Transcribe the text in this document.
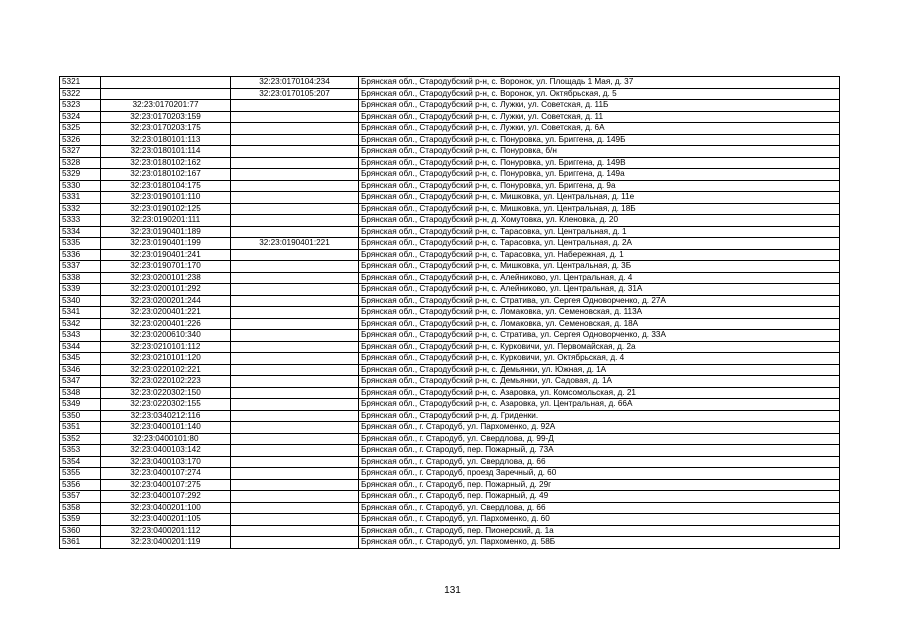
5321		32:23:0170104:234	Брянская обл., Стародубский р-н, с. Воронок, ул. Площадь 1 Мая, д. 37
5322		32:23:0170105:207	Брянская обл., Стародубский р-н, с. Воронок, ул. Октябрьская, д. 5
5323	32:23:0170201:77		Брянская обл., Стародубский р-н, с. Лужки, ул. Советская, д. 11Б
5324	32:23:0170203:159		Брянская обл., Стародубский р-н, с. Лужки, ул. Советская, д. 11
5325	32:23:0170203:175		Брянская обл., Стародубский р-н, с. Лужки, ул. Советская, д. 6А
5326	32:23:0180101:113		Брянская обл., Стародубский р-н, с. Понуровка, ул. Бриггена, д. 149Б
5327	32:23:0180101:114		Брянская обл., Стародубский р-н, с. Понуровка, б/н
5328	32:23:0180102:162		Брянская обл., Стародубский р-н, с. Понуровка, ул. Бриггена, д. 149В
5329	32:23:0180102:167		Брянская обл., Стародубский р-н, с. Понуровка, ул. Бриггена, д. 149а
5330	32:23:0180104:175		Брянская обл., Стародубский р-н, с. Понуровка, ул. Бриггена, д. 9а
5331	32:23:0190101:110		Брянская обл., Стародубский р-н, с. Мишковка, ул. Центральная, д. 11е
5332	32:23:0190102:125		Брянская обл., Стародубский р-н, с. Мишковка, ул. Центральная, д. 18Б
5333	32:23:0190201:111		Брянская обл., Стародубский р-н, д. Хомутовка, ул. Кленовка, д. 20
5334	32:23:0190401:189		Брянская обл., Стародубский р-н, с. Тарасовка, ул. Центральная, д. 1
5335	32:23:0190401:199	32:23:0190401:221	Брянская обл., Стародубский р-н, с. Тарасовка, ул. Центральная, д. 2А
5336	32:23:0190401:241		Брянская обл., Стародубский р-н, с. Тарасовка, ул. Набережная, д. 1
5337	32:23:0190701:170		Брянская обл., Стародубский р-н, с. Мишковка, ул. Центральная, д. 3Б
5338	32:23:0200101:238		Брянская обл., Стародубский р-н, с. Алейниково, ул. Центральная, д. 4
5339	32:23:0200101:292		Брянская обл., Стародубский р-н, с. Алейниково, ул. Центральная, д. 31А
5340	32:23:0200201:244		Брянская обл., Стародубский р-н, с. Стратива, ул. Сергея Одноворченко, д. 27А
5341	32:23:0200401:221		Брянская обл., Стародубский р-н, с. Ломаковка, ул. Семеновская, д. 113А
5342	32:23:0200401:226		Брянская обл., Стародубский р-н, с. Ломаковка, ул. Семеновская, д. 18А
5343	32:23:0200610:340		Брянская обл., Стародубский р-н, с. Стратива, ул. Сергея Одноворченко, д. 33А
5344	32:23:0210101:112		Брянская обл., Стародубский р-н, с. Курковичи, ул. Первомайская, д. 2а
5345	32:23:0210101:120		Брянская обл., Стародубский р-н, с. Курковичи, ул. Октябрьская, д. 4
5346	32:23:0220102:221		Брянская обл., Стародубский р-н, с. Демьянки, ул. Южная, д. 1А
5347	32:23:0220102:223		Брянская обл., Стародубский р-н, с. Демьянки, ул. Садовая, д. 1А
5348	32:23:0220302:150		Брянская обл., Стародубский р-н, с. Азаровка, ул. Комсомольская, д. 21
5349	32:23:0220302:155		Брянская обл., Стародубский р-н, с. Азаровка, ул. Центральная, д. 66А
5350	32:23:0340212:116		Брянская обл., Стародубский р-н, д. Гриденки.
5351	32:23:0400101:140		Брянская обл., г. Стародуб, ул. Пархоменко, д. 92А
5352	32:23:0400101:80		Брянская обл., г. Стародуб, ул. Свердлова, д. 99-Д
5353	32:23:0400103:142		Брянская обл., г. Стародуб, пер. Пожарный, д. 73А
5354	32:23:0400103:170		Брянская обл., г. Стародуб, ул. Свердлова, д. 66
5355	32:23:0400107:274		Брянская обл., г. Стародуб, проезд Заречный, д. 60
5356	32:23:0400107:275		Брянская обл., г. Стародуб, пер. Пожарный, д. 29г
5357	32:23:0400107:292		Брянская обл., г. Стародуб, пер. Пожарный, д. 49
5358	32:23:0400201:100		Брянская обл., г. Стародуб, ул. Свердлова, д. 66
5359	32:23:0400201:105		Брянская обл., г. Стародуб, ул. Пархоменко, д. 60
5360	32:23:0400201:112		Брянская обл., г. Стародуб, пер. Пионерский, д. 1а
5361	32:23:0400201:119		Брянская обл., г. Стародуб, ул. Пархоменко, д. 58Б
131
